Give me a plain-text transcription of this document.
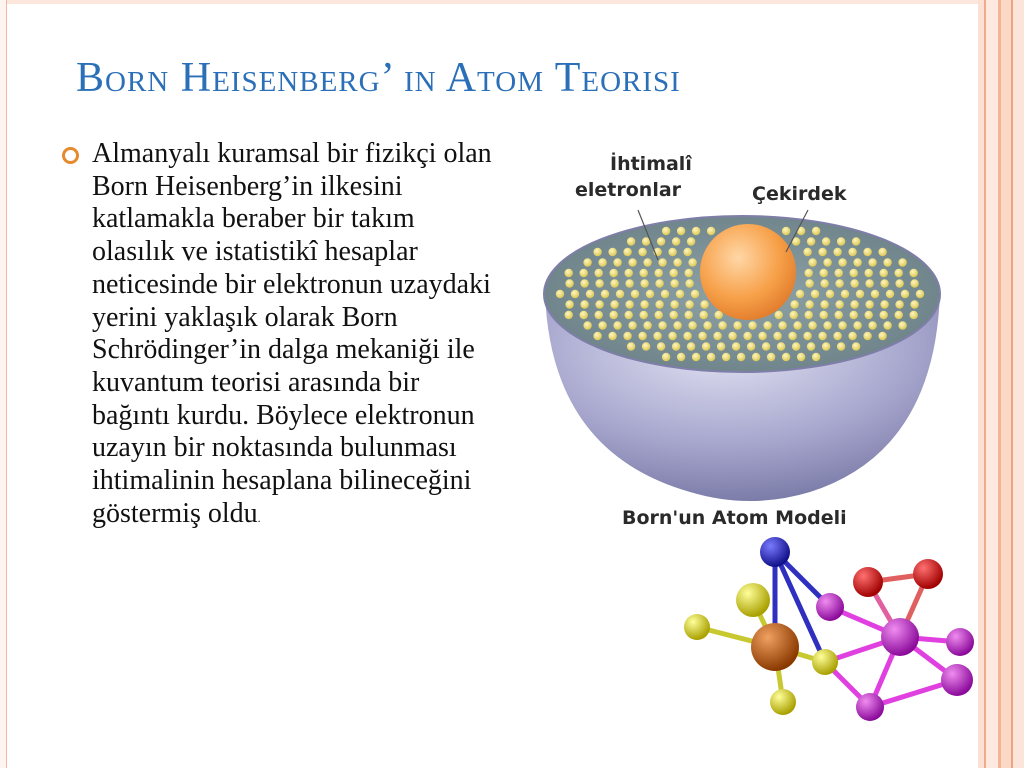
Born Heisenberg’ in Atom Teorisi
Almanyalı kuramsal bir fizikçi olan Born Heisenberg’in ilkesini katlamakla beraber bir takım olasılık ve istatistikî hesaplar neticesinde bir elektronun uzaydaki yerini yaklaşık olarak Born Schrödinger’in dalga mekaniği ile kuvantum teorisi arasında bir bağıntı kurdu. Böylece elektronun uzayın bir noktasında bulunması ihtimalinin hesaplana bilineceğini göstermiş oldu.
İhtimalî
eletronlar	Çekirdek
Born'un Atom Modeli
